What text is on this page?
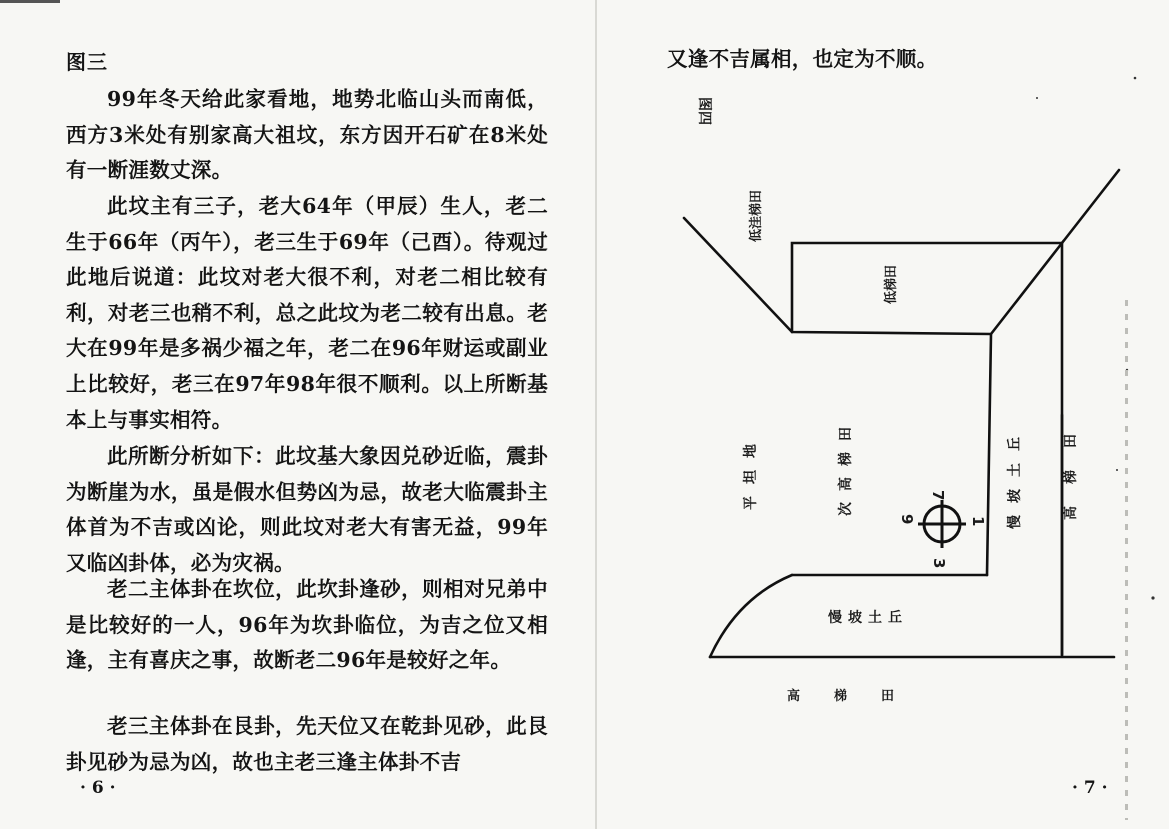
图三

99年冬天给此家看地，地势北临山头而南低，西方3米处有别家高大祖坟，东方因开石矿在8米处有一断涯数丈深。

此坟主有三子，老大64年（甲辰）生人，老二生于66年（丙午），老三生于69年（己酉）。待观过此地后说道：此坟对老大很不利，对老二相比较有利，对老三也稍不利，总之此坟为老二较有出息。老大在99年是多祸少福之年，老二在96年财运或副业上比较好，老三在97年98年很不顺利。以上所断基本上与事实相符。

此所断分析如下：此坟基大象因兑砂近临，震卦为断崖为水，虽是假水但势凶为忌，故老大临震卦主体首为不吉或凶论，则此坟对老大有害无益，99年又临凶卦体，必为灾祸。

老二主体卦在坎位，此坎卦逢砂，则相对兄弟中是比较好的一人，96年为坎卦临位，为吉之位又相逢，主有喜庆之事，故断老二96年是较好之年。

老三主体卦在艮卦，先天位又在乾卦见砂，此艮卦见砂为忌为凶，故也主老三逢主体卦不吉

· 6 ·
又逢不吉属相，也定为不顺。
图四
7
9	1
3
低洼梯田
低梯田
平坦地	次高梯田	慢坡土丘	高梯田
慢坡土丘
高梯田
· 7 ·
